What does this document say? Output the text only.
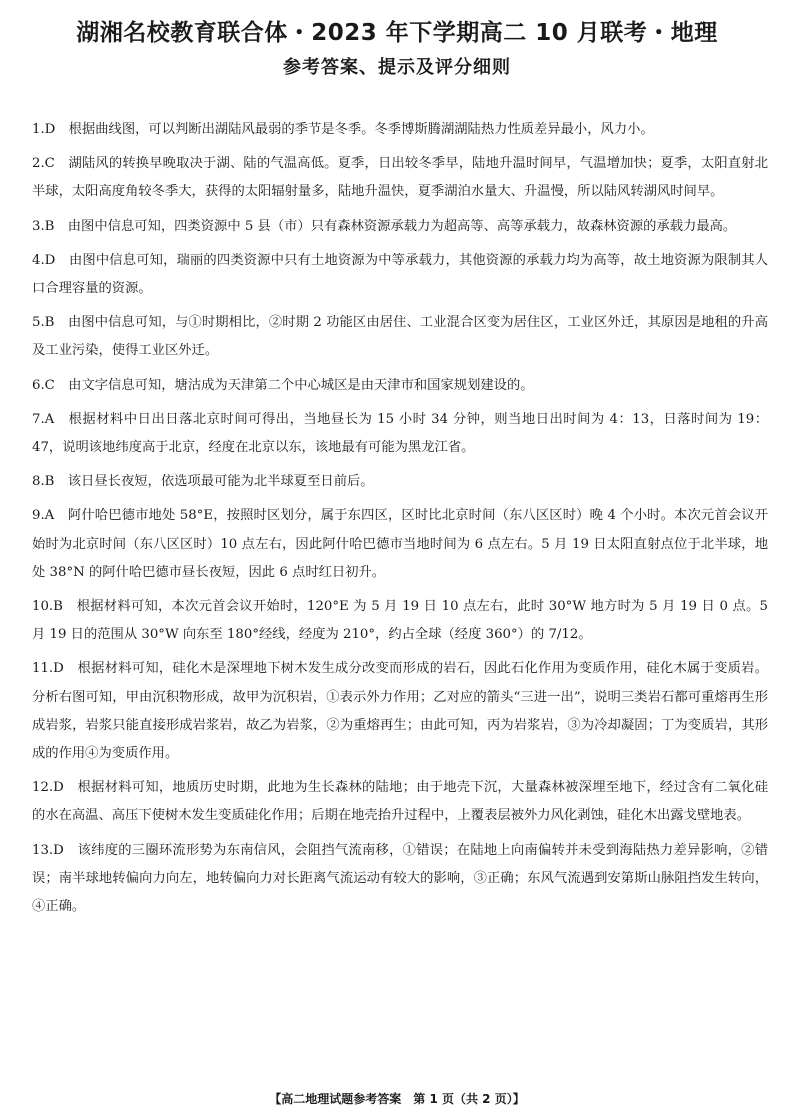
湖湘名校教育联合体・2023 年下学期高二 10 月联考・地理
参考答案、提示及评分细则

1.D　 根据曲线图，可以判断出湖陆风最弱的季节是冬季。冬季博斯腾湖湖陆热力性质差异最小，风力小。

2.C　 湖陆风的转换早晚取决于湖、陆的气温高低。夏季，日出较冬季早，陆地升温时间早，气温增加快；夏季，太阳直射北半球，太阳高度角较冬季大，获得的太阳辐射量多，陆地升温快，夏季湖泊水量大、升温慢，所以陆风转湖风时间早。

3.B　 由图中信息可知，四类资源中 5 县（市）只有森林资源承载力为超高等、高等承载力，故森林资源的承载力最高。

4.D　 由图中信息可知，瑞丽的四类资源中只有土地资源为中等承载力，其他资源的承载力均为高等，故土地资源为限制其人口合理容量的资源。

5.B　 由图中信息可知，与①时期相比，②时期 2 功能区由居住、工业混合区变为居住区，工业区外迁，其原因是地租的升高及工业污染，使得工业区外迁。

6.C　 由文字信息可知，塘沽成为天津第二个中心城区是由天津市和国家规划建设的。

7.A　 根据材料中日出日落北京时间可得出，当地昼长为 15 小时 34 分钟，则当地日出时间为 4：13，日落时间为 19：47，说明该地纬度高于北京，经度在北京以东，该地最有可能为黑龙江省。

8.B　 该日昼长夜短，依选项最可能为北半球夏至日前后。

9.A　 阿什哈巴德市地处 58°E，按照时区划分，属于东四区，区时比北京时间（东八区区时）晚 4 个小时。本次元首会议开始时为北京时间（东八区区时）10 点左右，因此阿什哈巴德市当地时间为 6 点左右。5 月 19 日太阳直射点位于北半球，地处 38°N 的阿什哈巴德市昼长夜短，因此 6 点时红日初升。

10.B　 根据材料可知，本次元首会议开始时，120°E 为 5 月 19 日 10 点左右，此时 30°W 地方时为 5 月 19 日 0 点。5 月 19 日的范围从 30°W 向东至 180°经线，经度为 210°，约占全球（经度 360°）的 7/12。

11.D　 根据材料可知，硅化木是深埋地下树木发生成分改变而形成的岩石，因此石化作用为变质作用，硅化木属于变质岩。分析右图可知，甲由沉积物形成，故甲为沉积岩，①表示外力作用；乙对应的箭头“三进一出”，说明三类岩石都可重熔再生形成岩浆，岩浆只能直接形成岩浆岩，故乙为岩浆，②为重熔再生；由此可知，丙为岩浆岩，③为冷却凝固；丁为变质岩，其形成的作用④为变质作用。

12.D　 根据材料可知，地质历史时期，此地为生长森林的陆地；由于地壳下沉，大量森林被深埋至地下，经过含有二氧化硅的水在高温、高压下使树木发生变质硅化作用；后期在地壳抬升过程中，上覆表层被外力风化剥蚀，硅化木出露戈壁地表。

13.D　 该纬度的三圈环流形势为东南信风，会阻挡气流南移，①错误；在陆地上向南偏转并未受到海陆热力差异影响，②错误；南半球地转偏向力向左，地转偏向力对长距离气流运动有较大的影响，③正确；东风气流遇到安第斯山脉阻挡发生转向，④正确。

【高二地理试题参考答案　第 1 页（共 2 页）】
